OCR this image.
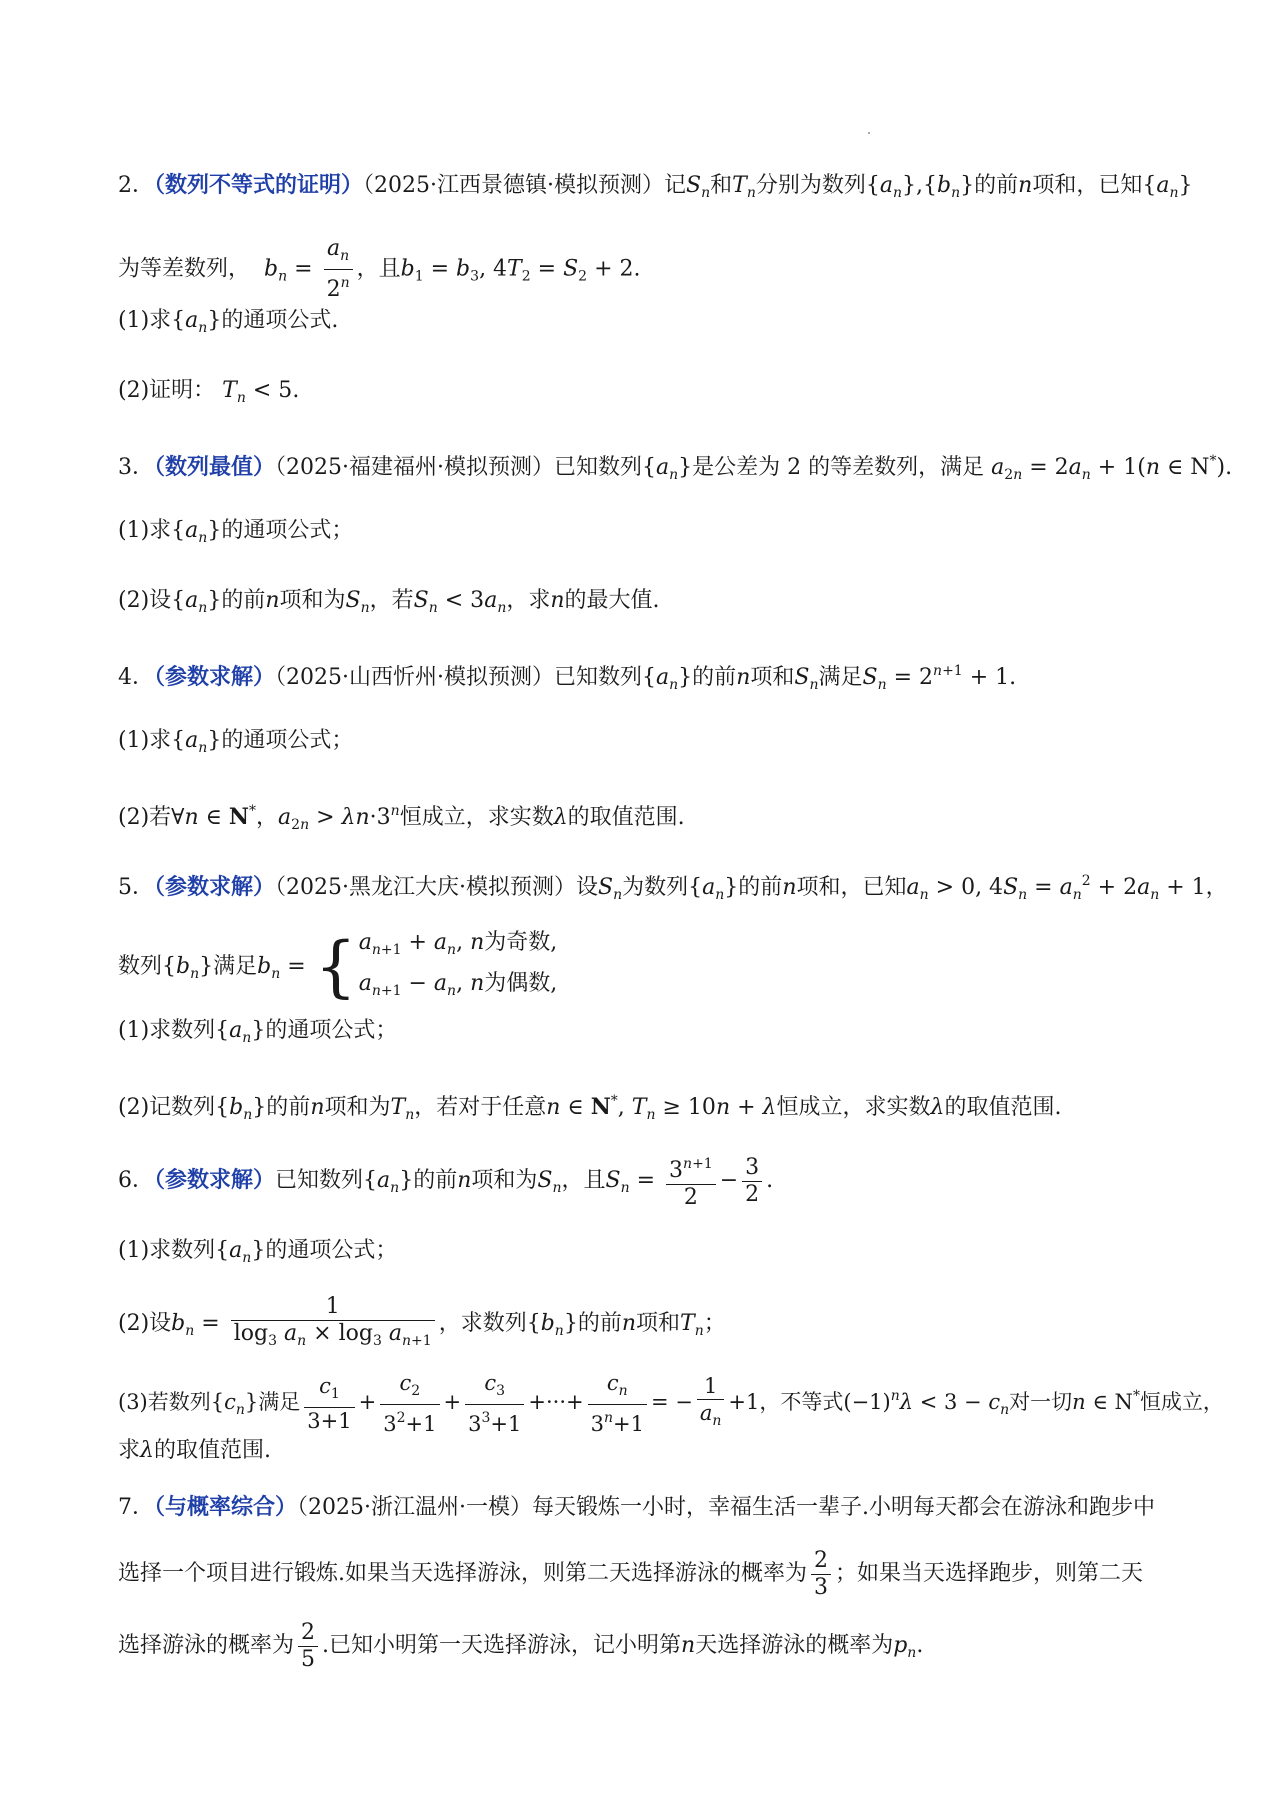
2．（数列不等式的证明）（2025·江西景德镇·模拟预测）记$S_n$和$T_n$分别为数列$\{a_n\},\{b_n\}$的前n项和，已知$\{a_n\}$
为等差数列， $b_n = \frac{a_n}{2^n}$ ，且$b_1 = b_3$, $4T_2 = S_2 + 2$.
(1)求$\{a_n\}$的通项公式.
(2)证明： $T_n < 5$.
3．（数列最值）（2025·福建福州·模拟预测）已知数列$\{a_n\}$是公差为 2 的等差数列，满足 $a_{2n} = 2a_n + 1(n$ ∈ N*).
(1)求$\{a_n\}$的通项公式；
(2)设$\{a_n\}$的前n项和为$S_n$，若$S_n < 3a_n$，求n的最大值.
4．（参数求解）（2025·山西忻州·模拟预测）已知数列$\{a_n\}$的前n项和$S_n$满足$S_n = 2^{n+1} + 1$.
(1)求$\{a_n\}$的通项公式；
(2)若∀n ∈ N*，$a_{2n} > \lambda n\cdot 3^n$恒成立，求实数λ的取值范围.
5．（参数求解）（2025·黑龙江大庆·模拟预测）设$S_n$为数列$\{a_n\}$的前n项和，已知$a_n > 0$, $4S_n = a_n^2 + 2a_n + 1$，
数列$\{b_n\}$满足$b_n$ = { $a_{n+1} + a_n$, n为奇数,
$a_{n+1} - a_n$, n为偶数,
(1)求数列$\{a_n\}$的通项公式；
(2)记数列$\{b_n\}$的前n项和为$T_n$，若对于任意n ∈ N*, $T_n \ge 10n + \lambda$恒成立，求实数λ的取值范围.
6．（参数求解）已知数列$\{a_n\}$的前n项和为$S_n$，且$S_n = \frac{3^{n+1}}{2} - \frac{3}{2}$ .
(1)求数列$\{a_n\}$的通项公式；
(2)设$b_n = \frac{1}{\log_3 a_n \times \log_3 a_{n+1}}$ ，求数列$\{b_n\}$的前n项和$T_n$；
(3)若数列$\{c_n\}$满足 $\frac{c_1}{3+1} + \frac{c_2}{3^2+1} + \frac{c_3}{3^3+1}$ +···+ $\frac{c_n}{3^n+1}$ = − $\frac{1}{a_n} +1$，不等式$(-1)^n\lambda < 3 - c_n$对一切n ∈ N*恒成立，
求λ的取值范围.
7．（与概率综合）（2025·浙江温州·一模）每天锻炼一小时，幸福生活一辈子.小明每天都会在游泳和跑步中
选择一个项目进行锻炼.如果当天选择游泳，则第二天选择游泳的概率为 $\frac{2}{3}$ ；如果当天选择跑步，则第二天
选择游泳的概率为 $\frac{2}{5}$ .已知小明第一天选择游泳，记小明第n天选择游泳的概率为$p_n$.
